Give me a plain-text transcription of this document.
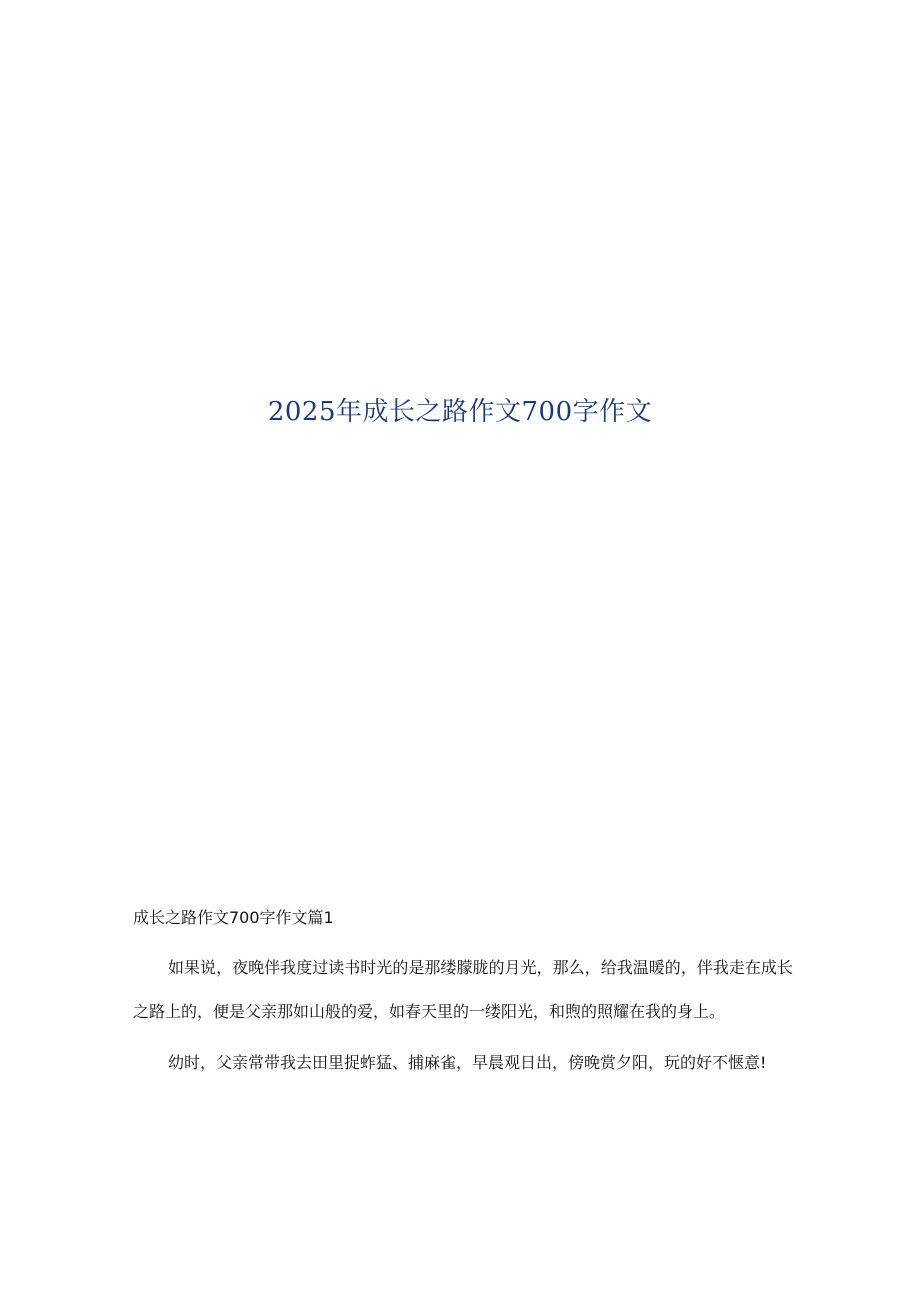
2025年成长之路作文700字作文
成长之路作文700字作文篇1

如果说，夜晚伴我度过读书时光的是那缕朦胧的月光，那么，给我温暖的，伴我走在成长之路上的，便是父亲那如山般的爱，如春天里的一缕阳光，和煦的照耀在我的身上。

幼时，父亲常带我去田里捉蚱猛、捕麻雀，早晨观日出，傍晚赏夕阳，玩的好不惬意!
